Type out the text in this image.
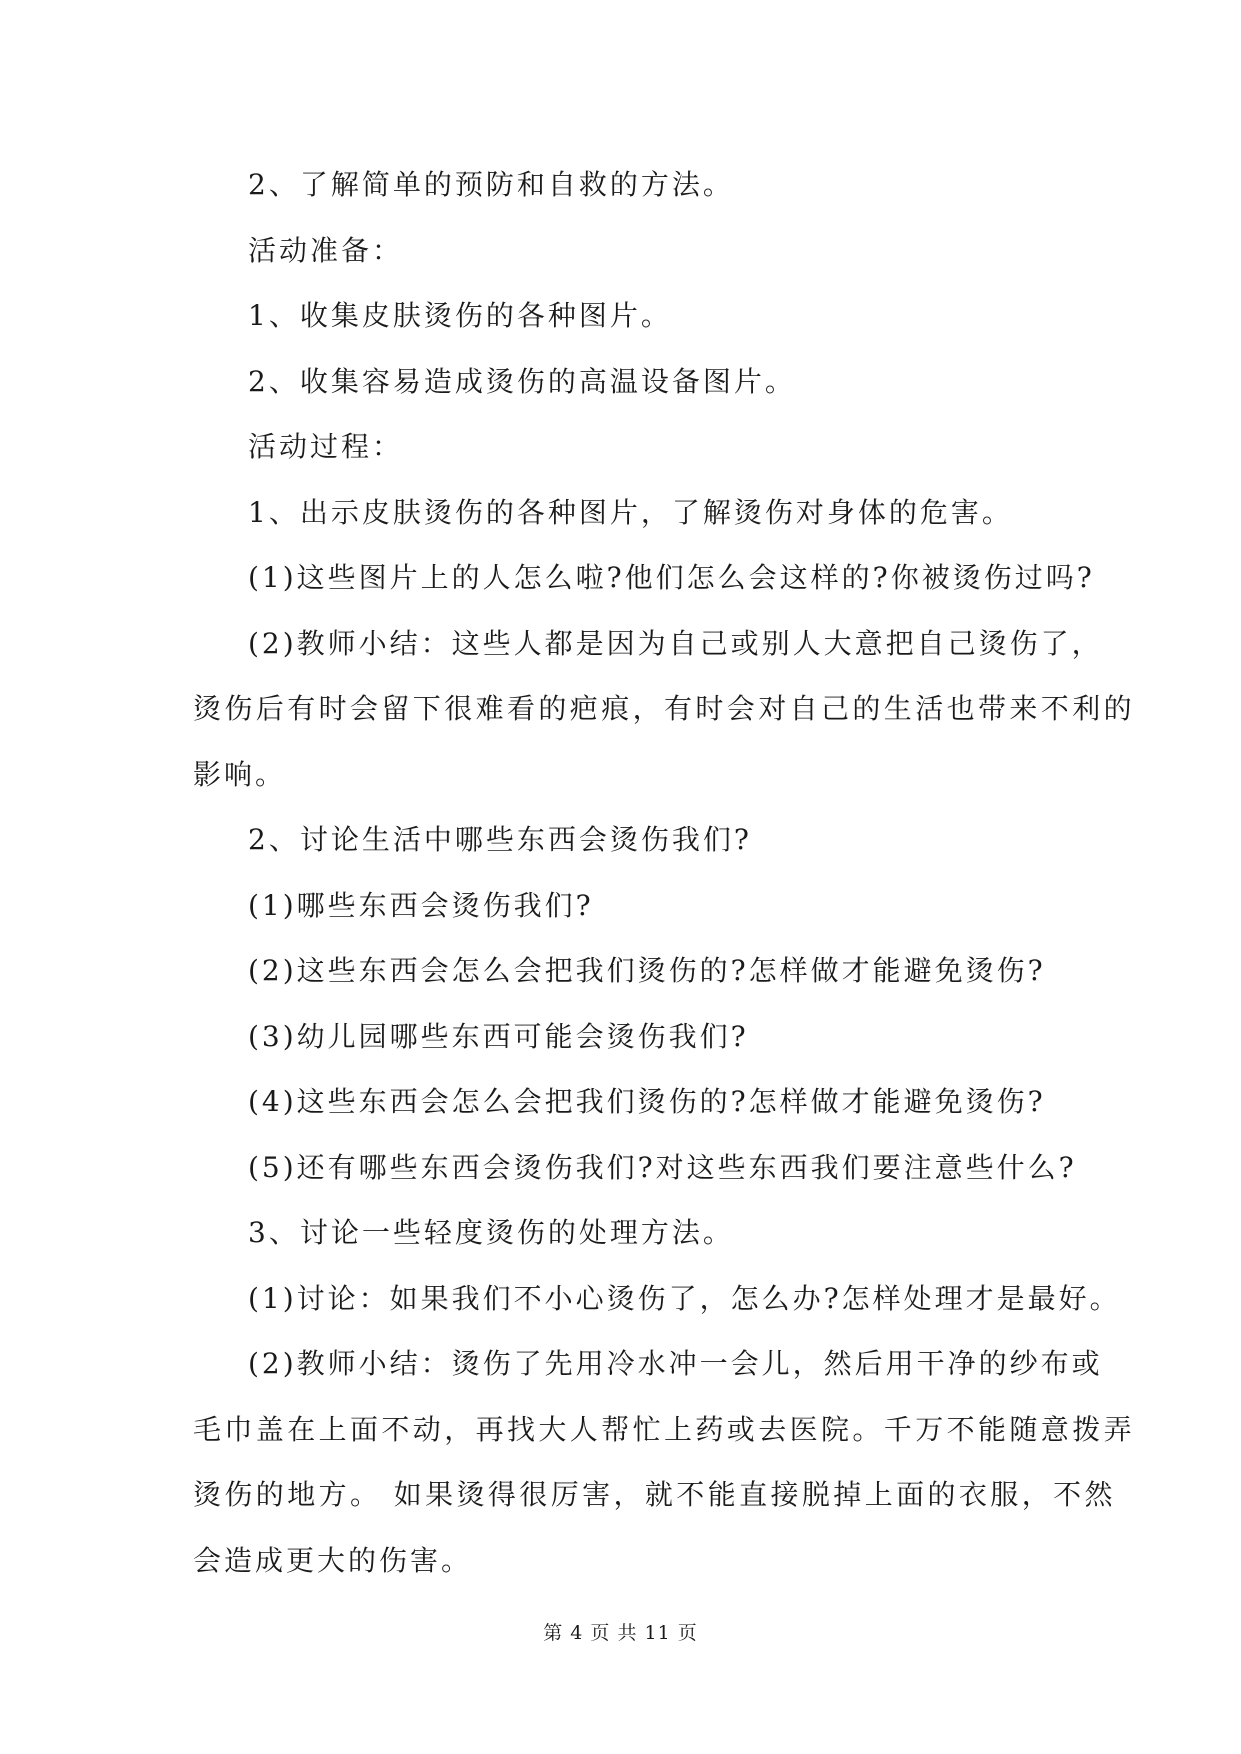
2、了解简单的预防和自救的方法。
活动准备：
1、收集皮肤烫伤的各种图片。
2、收集容易造成烫伤的高温设备图片。
活动过程：
1、出示皮肤烫伤的各种图片，了解烫伤对身体的危害。
(1)这些图片上的人怎么啦?他们怎么会这样的?你被烫伤过吗?
(2)教师小结：这些人都是因为自己或别人大意把自己烫伤了，
烫伤后有时会留下很难看的疤痕，有时会对自己的生活也带来不利的
影响。
2、讨论生活中哪些东西会烫伤我们?
(1)哪些东西会烫伤我们?
(2)这些东西会怎么会把我们烫伤的?怎样做才能避免烫伤?
(3)幼儿园哪些东西可能会烫伤我们?
(4)这些东西会怎么会把我们烫伤的?怎样做才能避免烫伤?
(5)还有哪些东西会烫伤我们?对这些东西我们要注意些什么?
3、讨论一些轻度烫伤的处理方法。
(1)讨论：如果我们不小心烫伤了，怎么办?怎样处理才是最好。
(2)教师小结：烫伤了先用冷水冲一会儿，然后用干净的纱布或
毛巾盖在上面不动，再找大人帮忙上药或去医院。千万不能随意拨弄
烫伤的地方。 如果烫得很厉害，就不能直接脱掉上面的衣服，不然
会造成更大的伤害。
第 4 页 共 11 页
